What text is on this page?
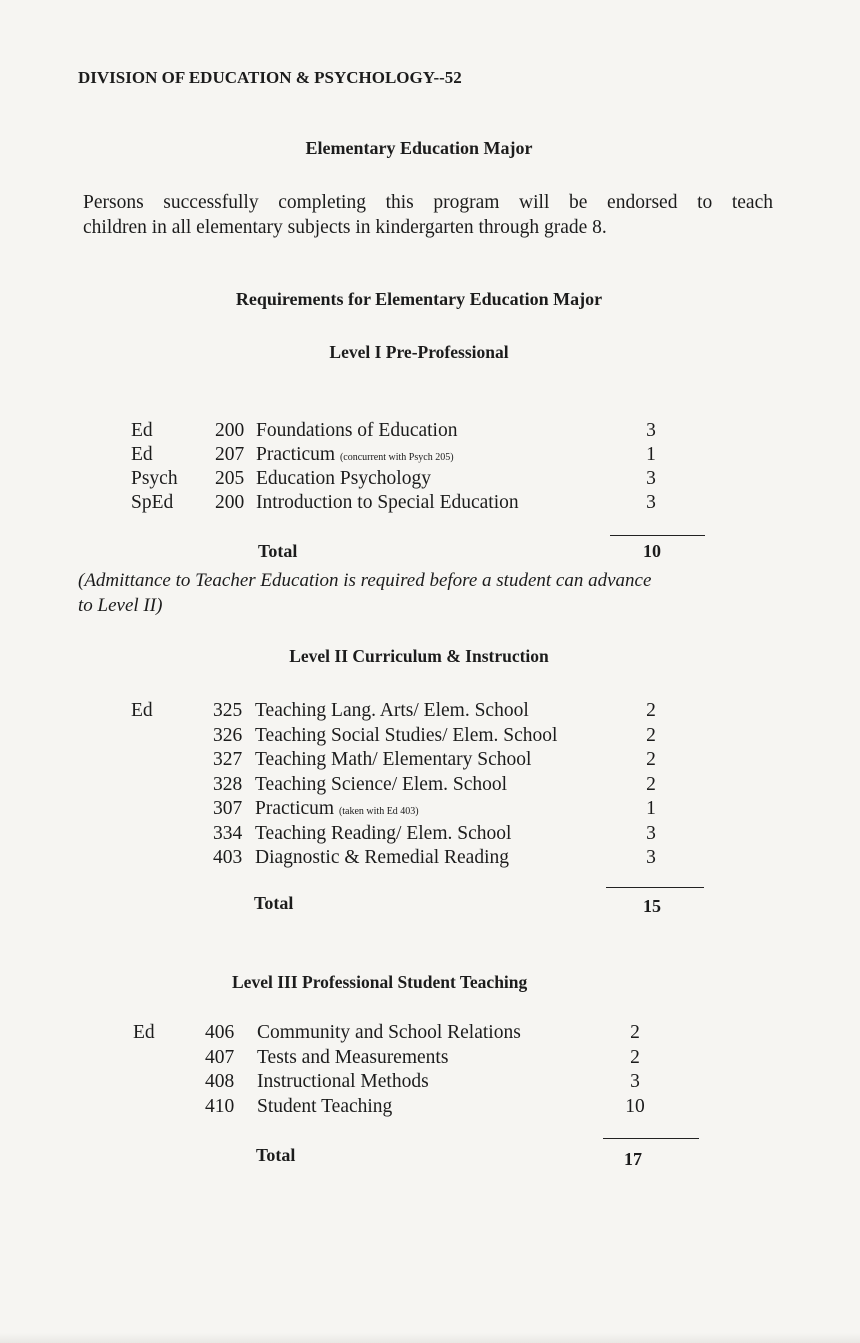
DIVISION OF EDUCATION & PSYCHOLOGY--52
Elementary Education Major
Persons successfully completing this program will be endorsed to teach
children in all elementary subjects in kindergarten through grade 8.
Requirements for Elementary Education Major
Level I Pre-Professional
Ed	200 Foundations of Education	3
Ed	207 Practicum (concurrent with Psych 205)	1
Psych 205 Education Psychology	3
SpEd 200 Introduction to Special Education	3
Total	10
(Admittance to Teacher Education is required before a student can advance
to Level II)
Level II Curriculum & Instruction
Ed	325 Teaching Lang. Arts/ Elem. School	2
326 Teaching Social Studies/ Elem. School	2
327 Teaching Math/ Elementary School	2
328 Teaching Science/ Elem. School	2
307 Practicum (taken with Ed 403)	1
334 Teaching Reading/ Elem. School	3
403 Diagnostic & Remedial Reading	3
Total	15
Level III Professional Student Teaching
Ed	406 Community and School Relations	2
407 Tests and Measurements	2
408 Instructional Methods	3
410 Student Teaching	10
Total	17
